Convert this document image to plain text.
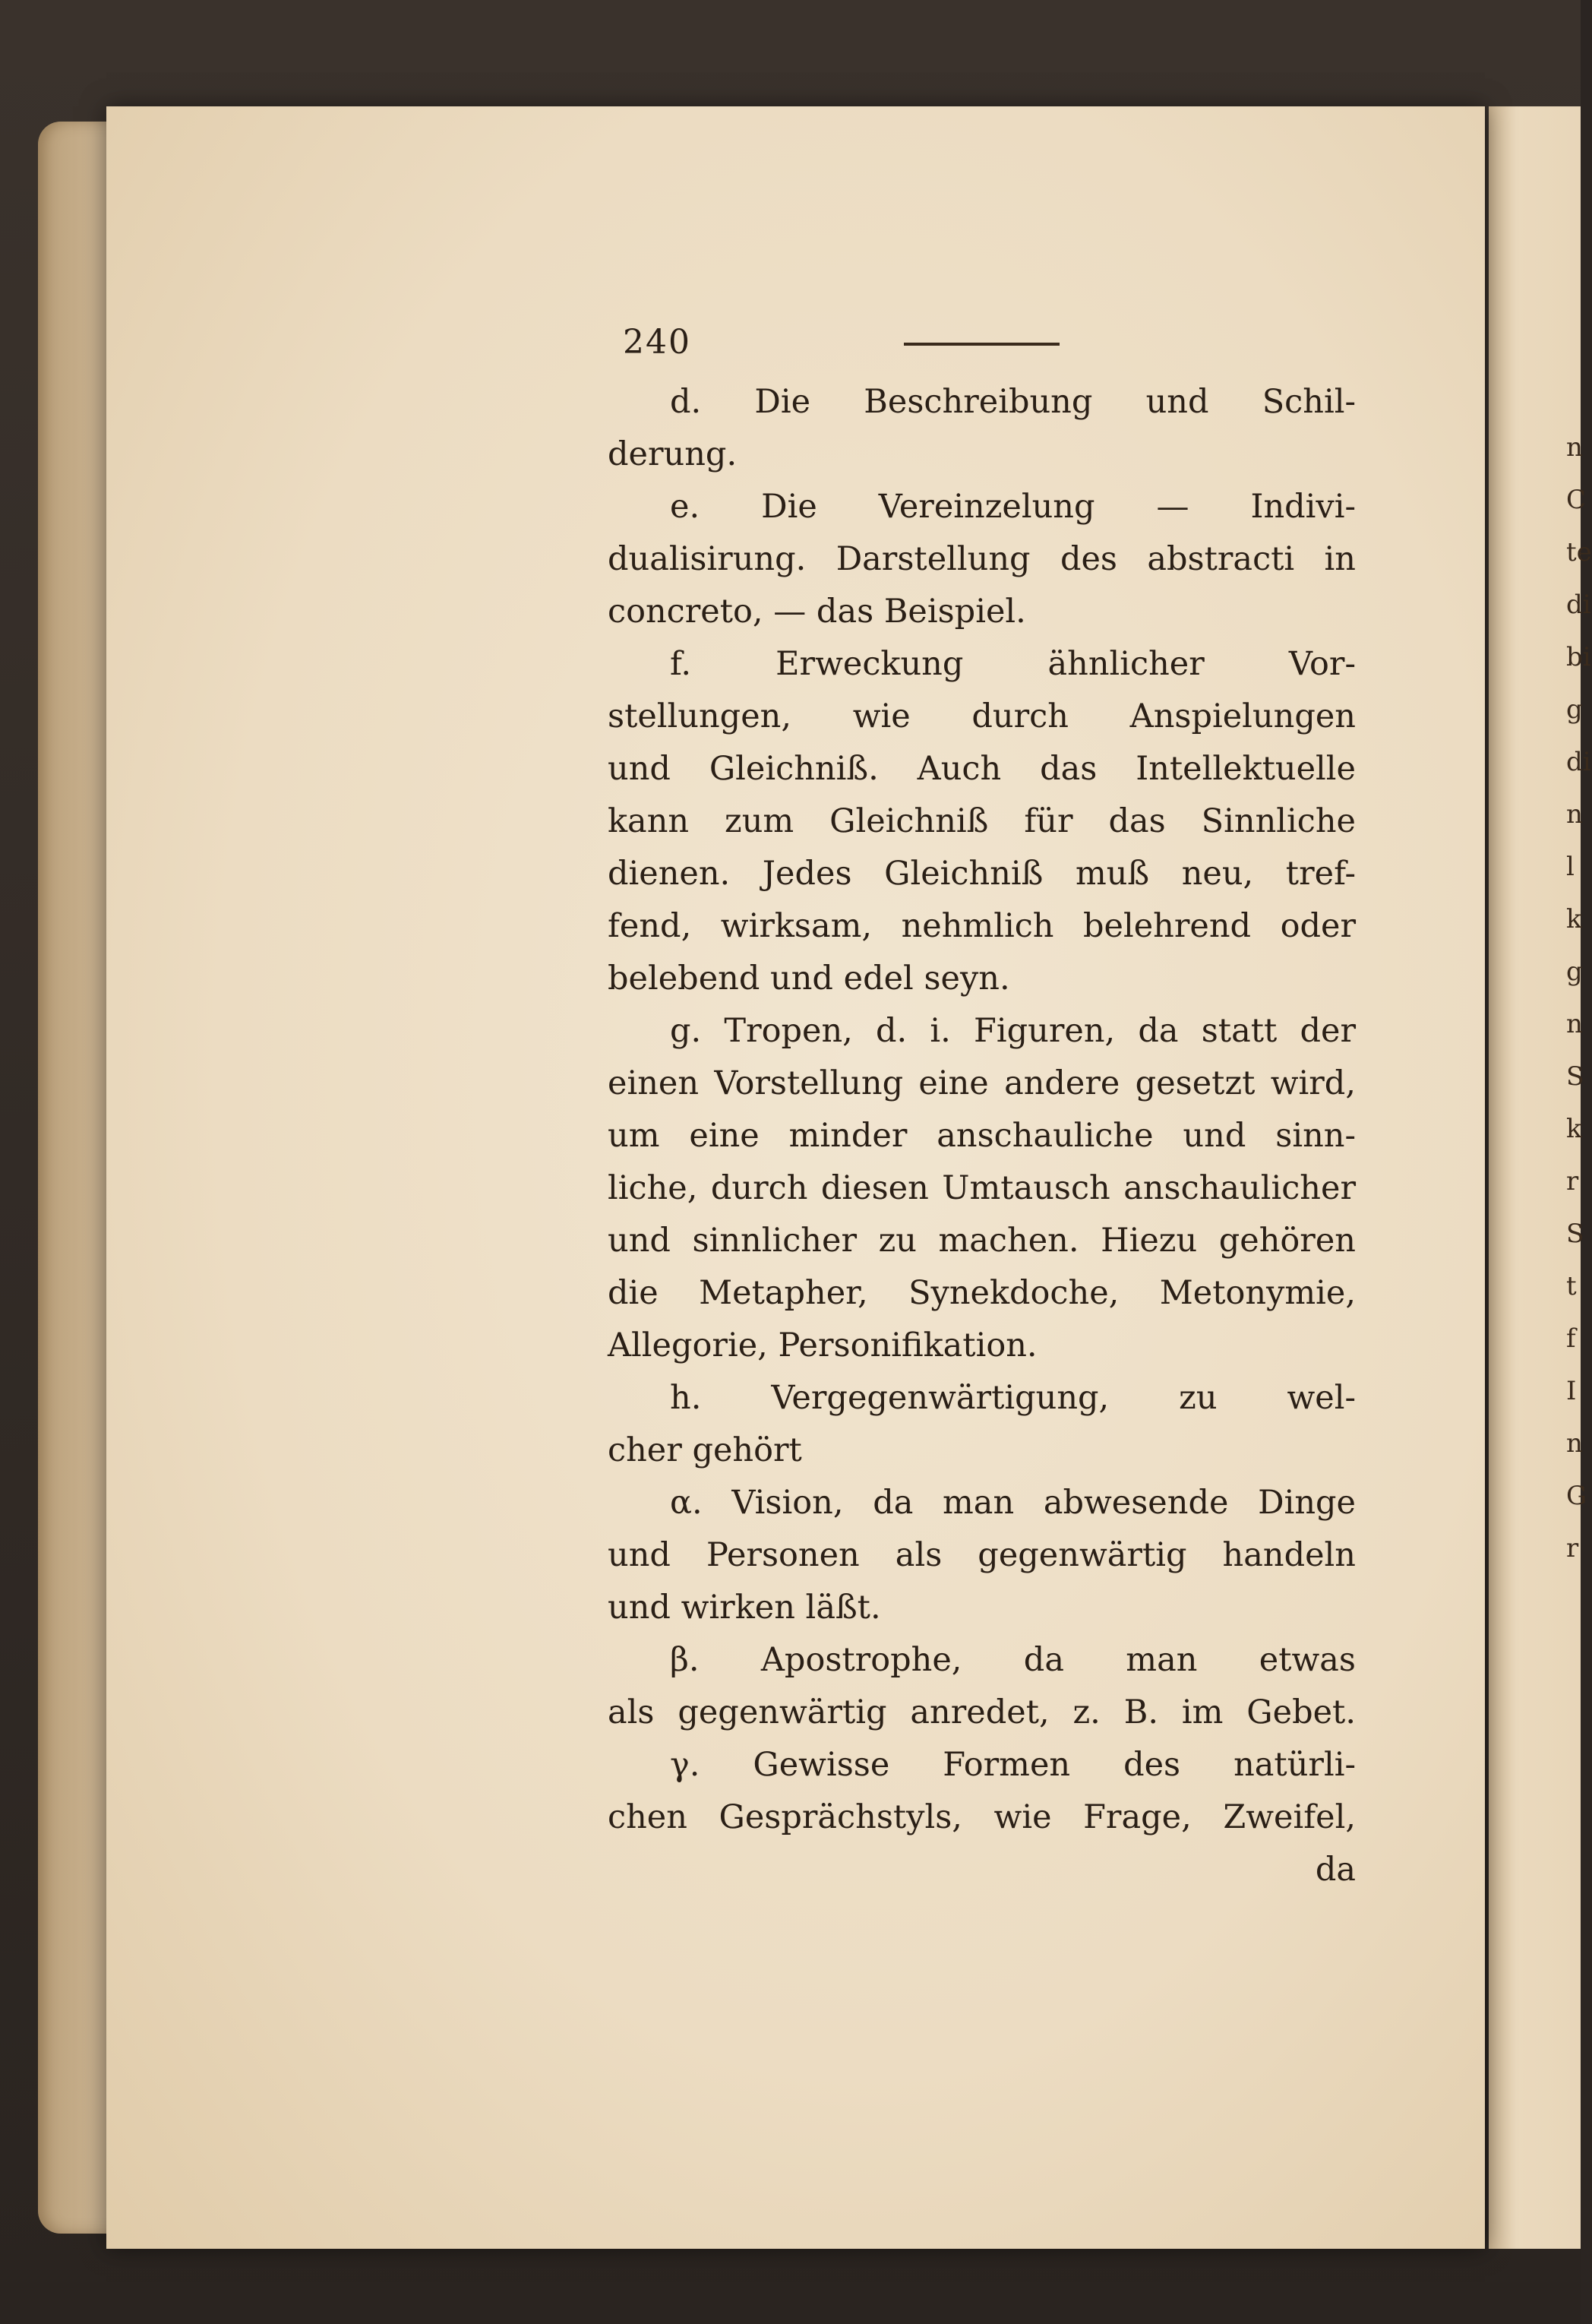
240
d. Die Beschreibung und Schil-
derung.
e. Die Vereinzelung — Indivi-
dualisirung. Darstellung des abstracti in
concreto, — das Beispiel.
f. Erweckung ähnlicher Vor-
stellungen, wie durch Anspielungen
und Gleichniß. Auch das Intellektuelle
kann zum Gleichniß für das Sinnliche
dienen. Jedes Gleichniß muß neu, tref-
fend, wirksam, nehmlich belehrend oder
belebend und edel seyn.
g. Tropen, d. i. Figuren, da statt der
einen Vorstellung eine andere gesetzt wird,
um eine minder anschauliche und sinn-
liche, durch diesen Umtausch anschaulicher
und sinnlicher zu machen. Hiezu gehören
die Metapher, Synekdoche, Metonymie,
Allegorie, Personifikation.
h. Vergegenwärtigung, zu wel-
cher gehört
α. Vision, da man abwesende Dinge
und Personen als gegenwärtig handeln
und wirken läßt.
β. Apostrophe, da man etwas
als gegenwärtig anredet, z. B. im Gebet.
γ. Gewisse Formen des natürli-
chen Gesprächstyls, wie Frage, Zweifel,
da
n
C
te
di
bi
g
di
n
l
k
g
n
S
k
r
S
t
f
I
n
G
r
